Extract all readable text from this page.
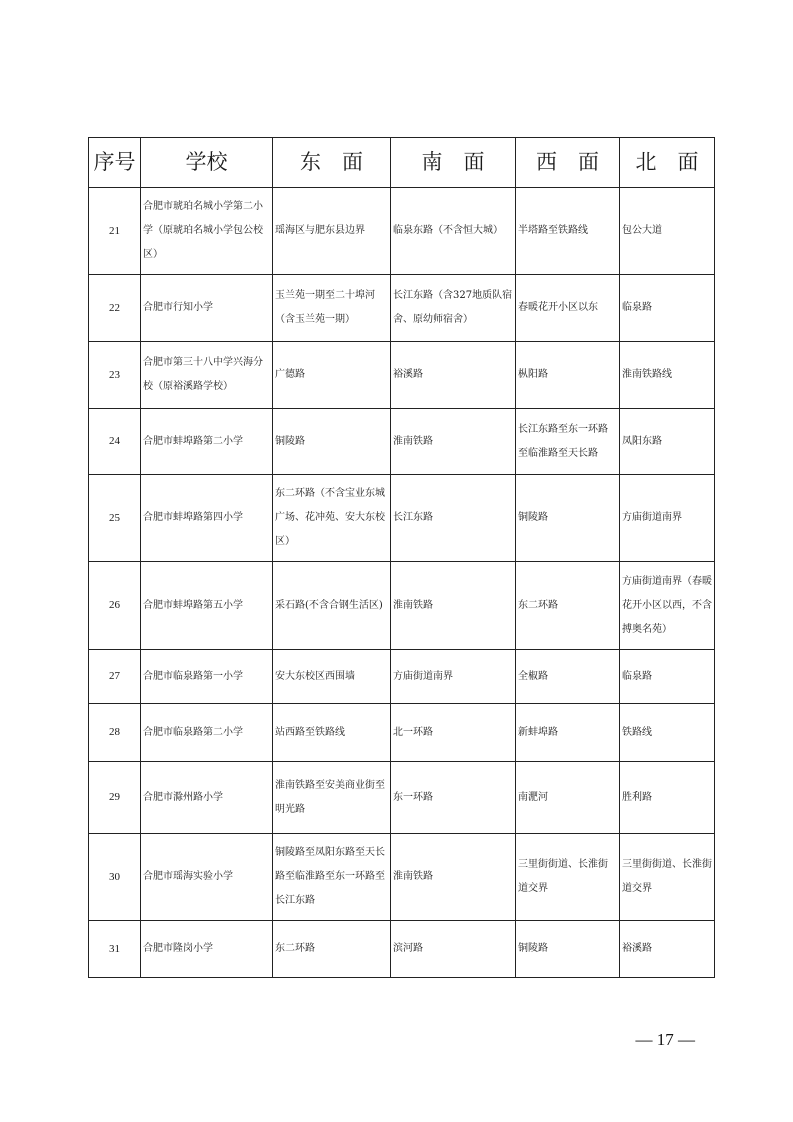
序号	学校	东　面	南　面	西　面	北　面
21	合肥市琥珀名城小学第二小学（原琥珀名城小学包公校区）	瑶海区与肥东县边界	临泉东路（不含恒大城）	半塔路至铁路线	包公大道
22	合肥市行知小学	玉兰苑一期至二十埠河（含玉兰苑一期）	长江东路（含327地质队宿舍、原幼师宿舍）	春暖花开小区以东	临泉路
23	合肥市第三十八中学兴海分校（原裕溪路学校）	广德路	裕溪路	枞阳路	淮南铁路线
24	合肥市蚌埠路第二小学	铜陵路	淮南铁路	长江东路至东一环路至临淮路至天长路	凤阳东路
25	合肥市蚌埠路第四小学	东二环路（不含宝业东城广场、花冲苑、安大东校区）	长江东路	铜陵路	方庙街道南界
26	合肥市蚌埠路第五小学	采石路(不含合钢生活区)	淮南铁路	东二环路	方庙街道南界（春暖花开小区以西，不含搏奥名苑）
27	合肥市临泉路第一小学	安大东校区西围墙	方庙街道南界	全椒路	临泉路
28	合肥市临泉路第二小学	站西路至铁路线	北一环路	新蚌埠路	铁路线
29	合肥市滁州路小学	淮南铁路至安美商业街至明光路	东一环路	南淝河	胜利路
30	合肥市瑶海实验小学	铜陵路至凤阳东路至天长路至临淮路至东一环路至长江东路	淮南铁路	三里街街道、长淮街道交界	三里街街道、长淮街道交界
31	合肥市隆岗小学	东二环路	滨河路	铜陵路	裕溪路
— 17 —
